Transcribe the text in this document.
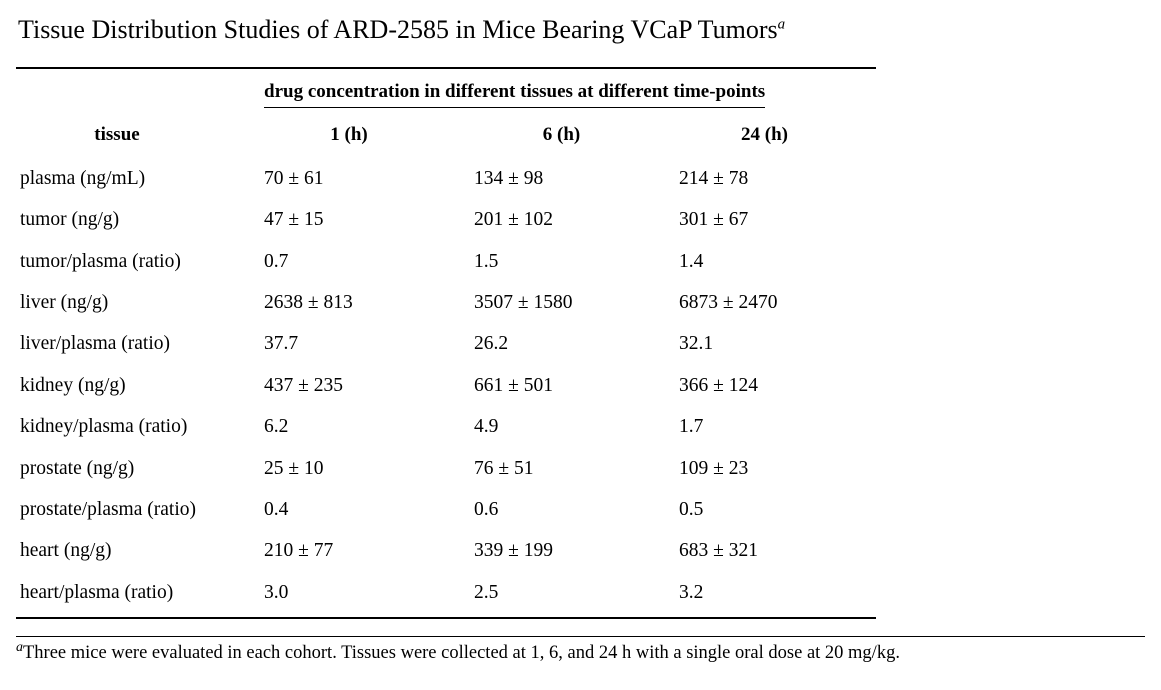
Tissue Distribution Studies of ARD-2585 in Mice Bearing VCaP Tumors$^a$
	drug concentration in different tissues at different time-points		
tissue	1 (h)	6 (h)	24 (h)
plasma (ng/mL)	70 ± 61	134 ± 98	214 ± 78
tumor (ng/g)	47 ± 15	201 ± 102	301 ± 67
tumor/plasma (ratio)	0.7	1.5	1.4
liver (ng/g)	2638 ± 813	3507 ± 1580	6873 ± 2470
liver/plasma (ratio)	37.7	26.2	32.1
kidney (ng/g)	437 ± 235	661 ± 501	366 ± 124
kidney/plasma (ratio)	6.2	4.9	1.7
prostate (ng/g)	25 ± 10	76 ± 51	109 ± 23
prostate/plasma (ratio)	0.4	0.6	0.5
heart (ng/g)	210 ± 77	339 ± 199	683 ± 321
heart/plasma (ratio)	3.0	2.5	3.2
$^a$Three mice were evaluated in each cohort. Tissues were collected at 1, 6, and 24 h with a single oral dose at 20 mg/kg.
